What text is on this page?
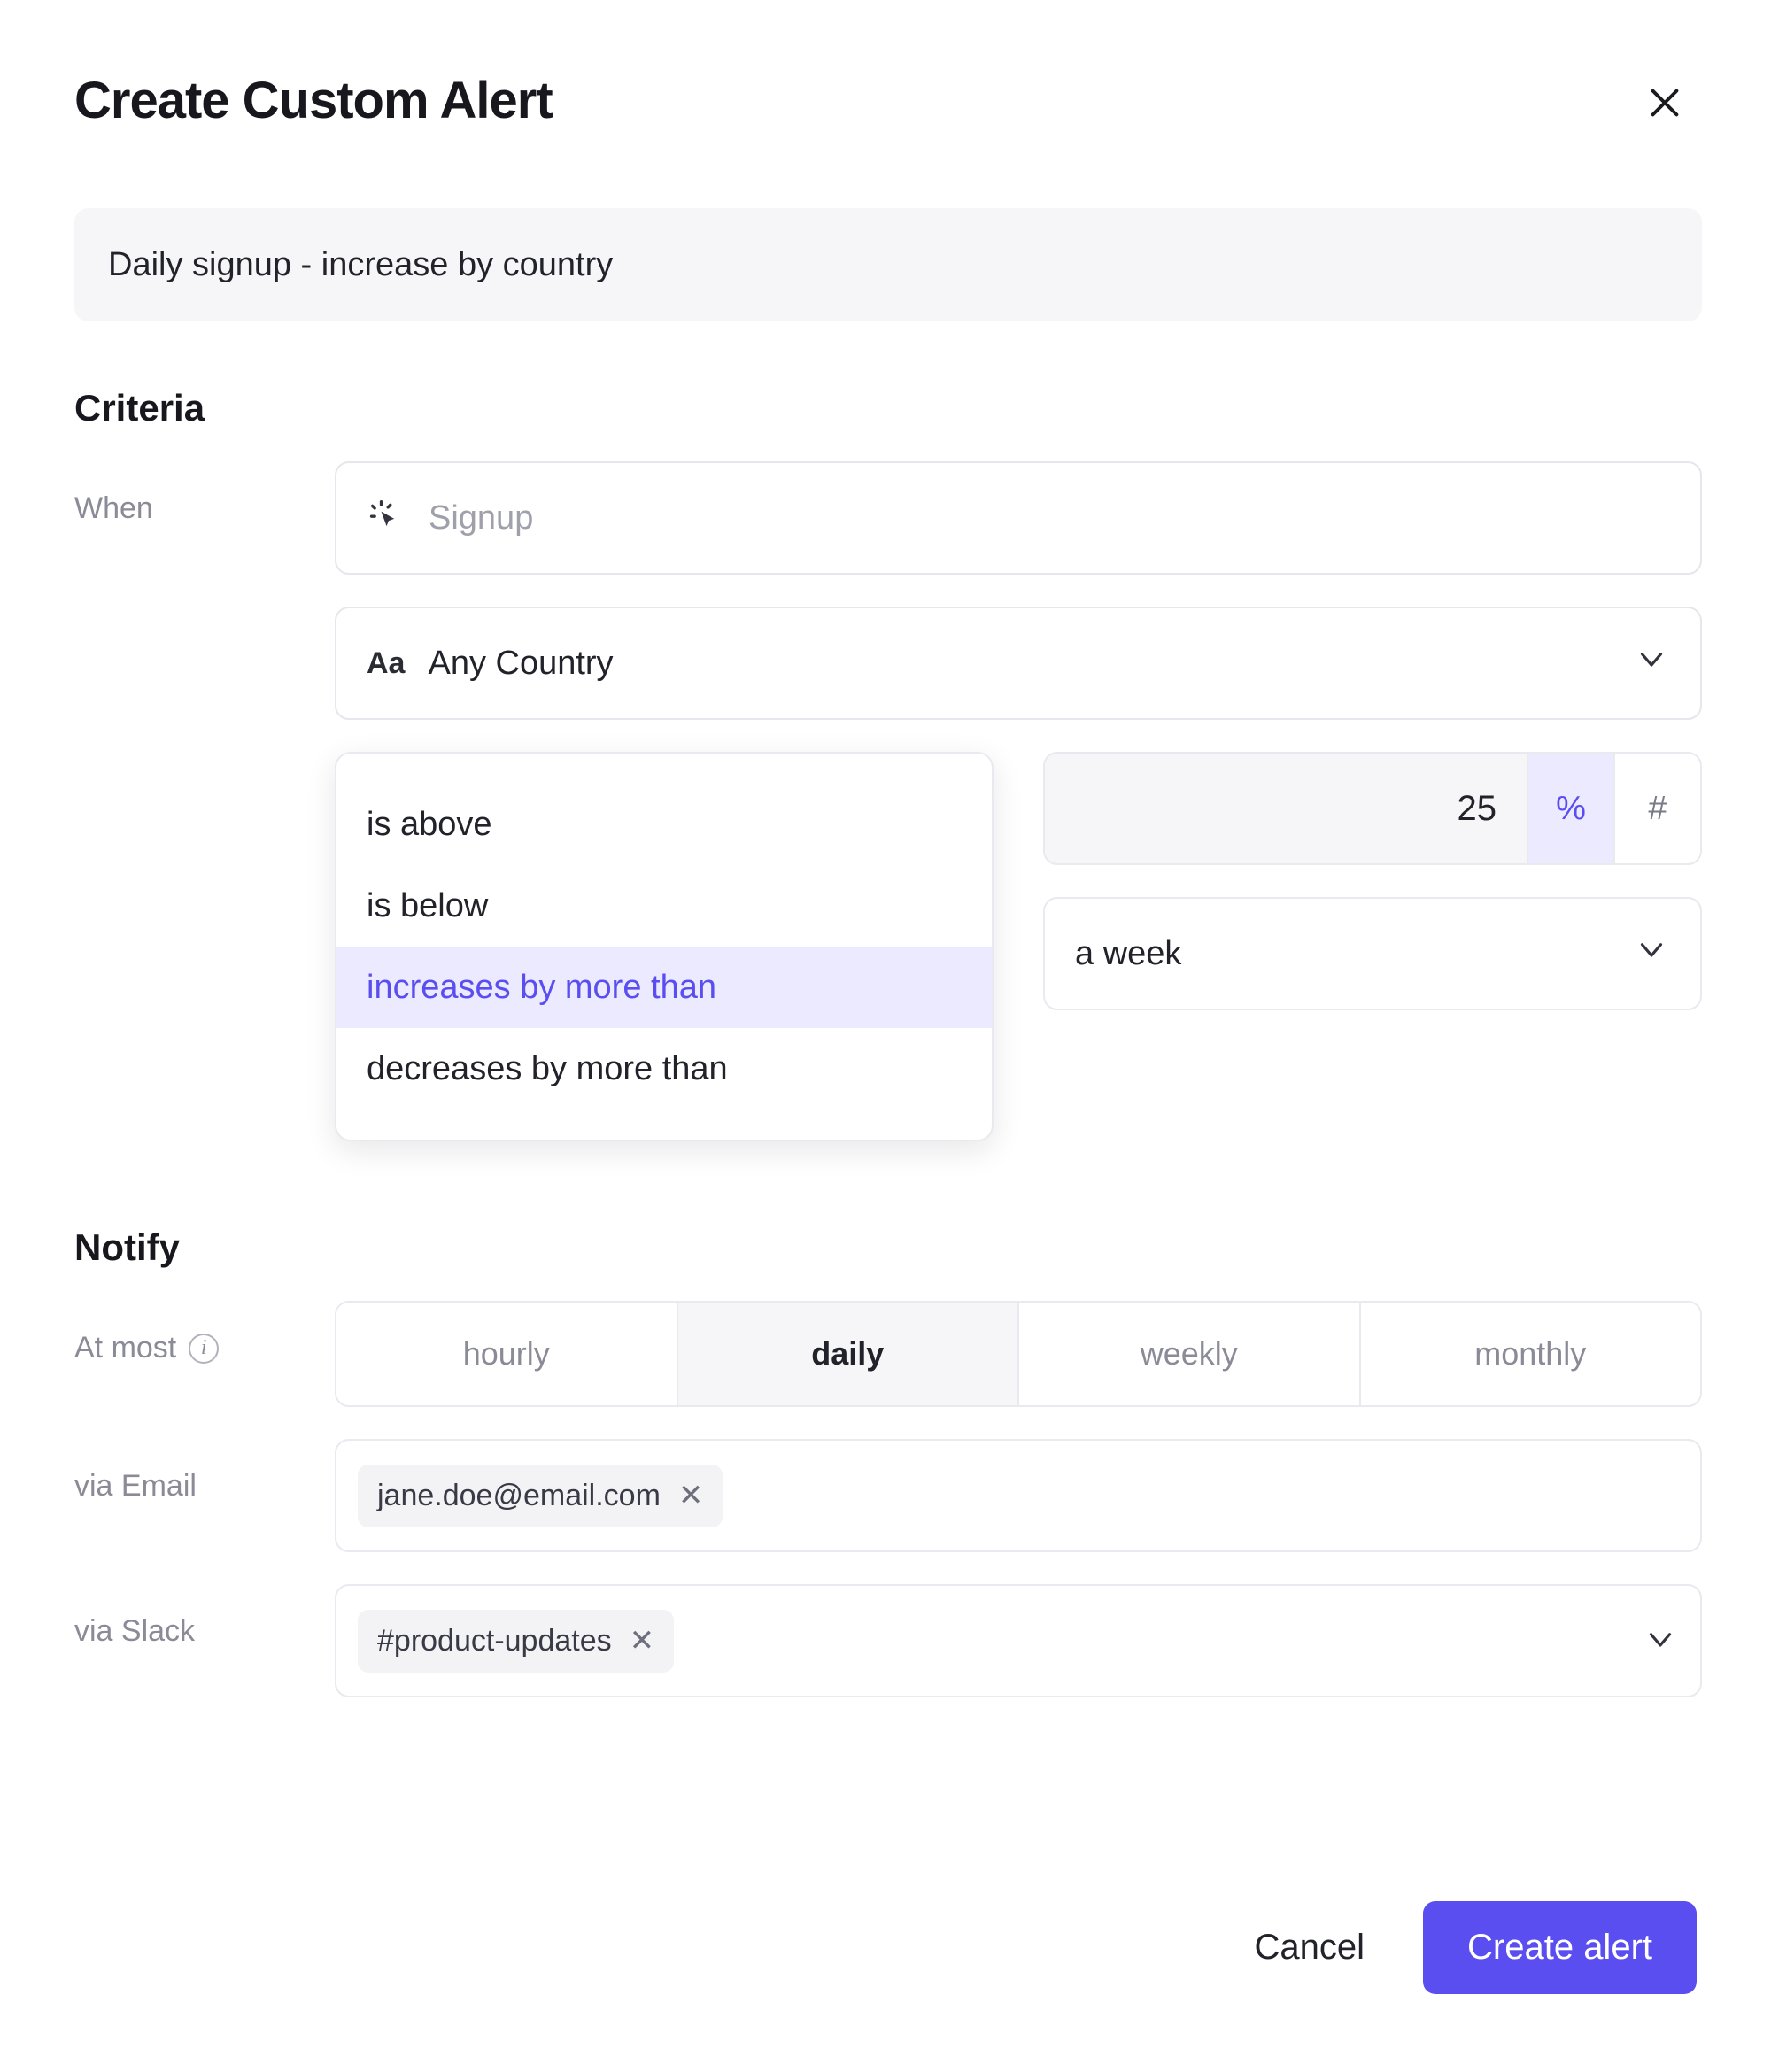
Create Custom Alert
Daily signup - increase by country
Criteria
When	Signup
Aa Any Country
is above
is below
increases by more than
decreases by more than
25	%	#
a week
Notify
At most	i	hourly	daily	weekly	monthly
via Email	jane.doe@email.com ✕
via Slack	#product-updates ✕
Cancel	Create alert
